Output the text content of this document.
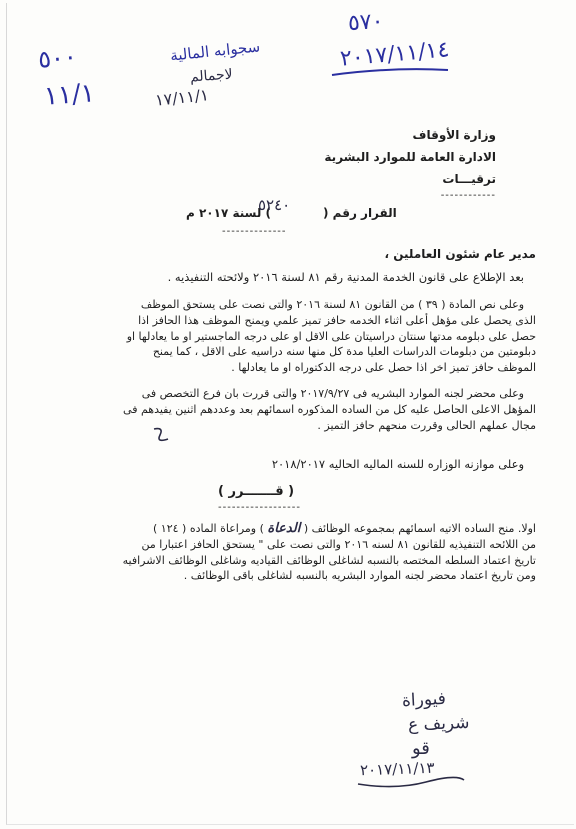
٥٠٠
١١/١
سجوابه المالية
لاجمالم
١٧/١١/١
٥٧٠
٢٠١٧/١١/١٤
وزارة الأوقاف
الادارة العامة للموارد البشرية
ترقيـــات
------------
القرار رقم () لسنة ٢٠١٧ م
٥٢٤٠
--------------
مدير عام شئون العاملين ،
بعد الإطلاع على قانون الخدمة المدنية رقم ٨١ لسنة ٢٠١٦ ولائحته التنفيذيه .
وعلى نص المادة ( ٣٩ ) من القانون ٨١ لسنة ٢٠١٦ والتى نصت على يستحق الموظف
الذى يحصل على مؤهل أعلى اثناء الخدمه حافز تميز علمي ويمنح الموظف هذا الحافز اذا
حصل على دبلومه مدتها سنتان دراسيتان على الاقل او على درجه الماجستير او ما يعادلها او
دبلومتين من دبلومات الدراسات العليا مدة كل منها سنه دراسيه على الاقل ، كما يمنح
الموظف حافز تميز اخر اذا حصل على درجه الدكتوراه او ما يعادلها .
وعلى محضر لجنه الموارد البشريه فى ٢٠١٧/٩/٢٧ والتى قررت بان فرع التخصص فى
المؤهل الاعلى الحاصل عليه كل من الساده المذكوره اسمائهم بعد وعددهم اثنين يفيدهم فى
مجال عملهم الحالى وقررت منحهم حافز التميز .
وعلى موازنه الوزاره للسنه الماليه الحاليه ٢٠١٨/٢٠١٧
( قـــــــرر )
------------------
اولا. منح الساده الاتيه اسمائهم بمجموعه الوظائف ( الدعاة ) ومراعاة الماده ( ١٢٤ )
من اللائحه التنفيذيه للقانون ٨١ لسنه ٢٠١٦ والتى نصت على " يستحق الحافز اعتبارا من
تاريخ اعتماد السلطه المختصه بالنسبه لشاغلى الوظائف القياديه وشاغلى الوظائف الاشرافيه
ومن تاريخ اعتماد محضر لجنه الموارد البشريه بالنسبه لشاغلى باقى الوظائف .
فيوراة
شريف ع
قو
٢٠١٧/١١/١٣
